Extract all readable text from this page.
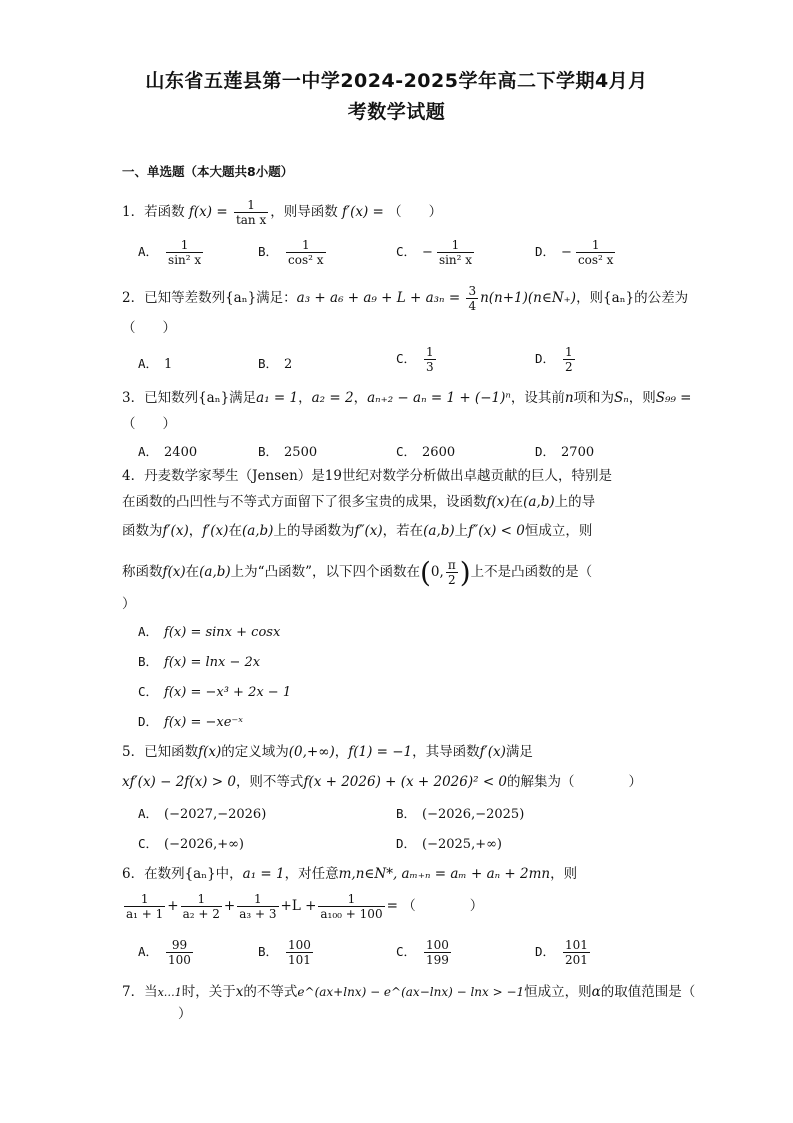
山东省五莲县第一中学2024-2025学年高二下学期4月月
考数学试题
一、单选题（本大题共8小题）
1．若函数 $f(x) = \frac{1}{\text{tan x}}$ ，则导函数 f′(x) = （　　）
A． $\frac{1}{\text{sin² x}}$	B． $\frac{1}{\text{cos² x}}$	C． − $\frac{1}{\text{sin² x}}$	D． − $\frac{1}{\text{cos² x}}$
2．已知等差数列{aₙ}满足：$a_3 + a_6 + a_9 + L + a_{3n} = \frac{3}{4}$ n(n+1)(n∈N₊)，则{aₙ}的公差为
（　　）
A． 1	B． 2	C． $\frac{1}{3}$	D． $\frac{1}{2}$
3．已知数列{aₙ}满足a₁ = 1，a₂ = 2，aₙ₊₂ − aₙ = 1 + (−1)ⁿ，设其前n项和为Sₙ，则S₉₉ =
（　　）
A． 2400	B． 2500	C． 2600	D． 2700
4．丹麦数学家琴生（Jensen）是19世纪对数学分析做出卓越贡献的巨人，特别是
在函数的凸凹性与不等式方面留下了很多宝贵的成果，设函数f(x)在(a,b)上的导
函数为f′(x)，f′(x)在(a,b)上的导函数为f″(x)，若在(a,b)上f″(x) < 0恒成立，则
称函数f(x)在(a,b)上为“凸函数”，以下四个函数在(0, $\frac{\pi}{2}$ )上不是凸函数的是（
）
A． f(x) = sinx + cosx
B． f(x) = lnx − 2x
C． f(x) = −x³ + 2x − 1
D． f(x) = −xe⁻ˣ
5．已知函数f(x)的定义域为(0,+∞)，f(1) = −1，其导函数f′(x)满足
xf′(x) − 2f(x) > 0，则不等式f(x + 2026) + (x + 2026)² < 0的解集为（　　　　）
A． (−2027,−2026)	B． (−2026,−2025)
C． (−2026,+∞)	D． (−2025,+∞)
6．在数列{aₙ}中，a₁ = 1，对任意m,n∈N*, aₘ₊ₙ = aₘ + aₙ + 2mn，则
$\frac{1}{\text{a₁ + 1}} + \frac{1}{\text{a₂ + 2}} + \frac{1}{\text{a₃ + 3}} +L + \frac{1}{\text{a₁₀₀ + 100}}$ = （　　　　）
A． $\frac{99}{100}$	B． $\frac{100}{101}$	C． $\frac{100}{199}$	D． $\frac{101}{201}$
7．当x…1时，关于x的不等式e^(ax+lnx) − e^(ax−lnx) − lnx > −1恒成立，则α的取值范围是（
）
